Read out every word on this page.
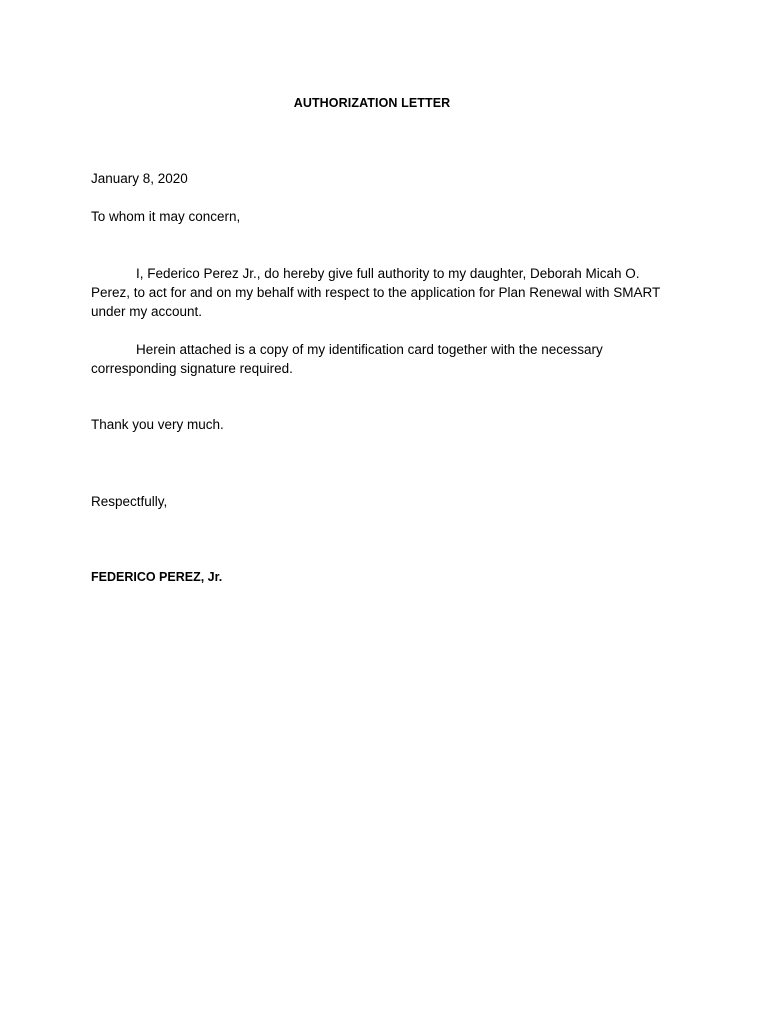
AUTHORIZATION LETTER
January 8, 2020
To whom it may concern,
I, Federico Perez Jr., do hereby give full authority to my daughter, Deborah Micah O.
Perez, to act for and on my behalf with respect to the application for Plan Renewal with SMART
under my account.
Herein attached is a copy of my identification card together with the necessary
corresponding signature required.
Thank you very much.
Respectfully,
FEDERICO PEREZ, Jr.
